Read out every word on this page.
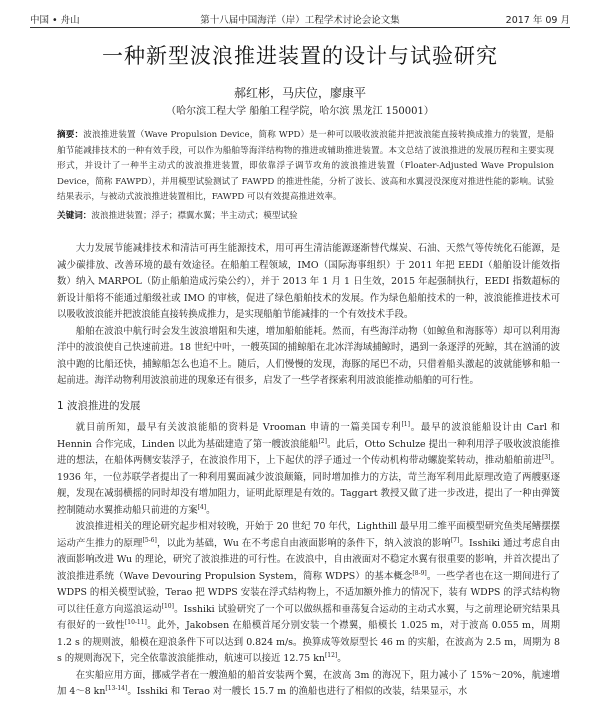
中国 • 舟山	第十八届中国海洋（岸）工程学术讨论会论文集	2017 年 09 月
一种新型波浪推进装置的设计与试验研究
郝红彬，马庆位，廖康平
（哈尔滨工程大学 船舶工程学院，哈尔滨 黑龙江 150001）
摘要：波浪推进装置（Wave Propulsion Device，简称 WPD）是一种可以吸收波浪能并把波浪能直接转换成推力的装置，是船舶节能减排技术的一种有效手段，可以作为船舶等海洋结构物的推进或辅助推进装置。本文总结了波浪推进的发展历程和主要实现形式，并设计了一种半主动式的波浪推进装置，即依靠浮子调节攻角的波浪推进装置（Floater-Adjusted Wave Propulsion Device，简称 FAWPD），并用模型试验测试了 FAWPD 的推进性能，分析了波长、波高和水翼浸没深度对推进性能的影响。试验结果表示，与被动式波浪推进装置相比，FAWPD 可以有效提高推进效率。
关键词：波浪推进装置；浮子；襟翼水翼；半主动式；模型试验

大力发展节能减排技术和清洁可再生能源技术，用可再生清洁能源逐渐替代煤炭、石油、天然气等传统化石能源，是减少碳排放、改善环境的最有效途径。在船舶工程领域，IMO（国际海事组织）于 2011 年把 EEDI（船舶设计能效指数）纳入 MARPOL（防止船舶造成污染公约），并于 2013 年 1 月 1 日生效，2015 年起强制执行，EEDI 指数超标的新设计船将不能通过船级社或 IMO 的审核，促进了绿色船舶技术的发展。作为绿色船舶技术的一种，波浪能推进技术可以吸收波浪能并把波浪能直接转换成推力，是实现船舶节能减排的一个有效技术手段。

船舶在波浪中航行时会发生波浪增阻和失速，增加船舶能耗。然而，有些海洋动物（如鲸鱼和海豚等）却可以利用海洋中的波浪使自己快速前进。18 世纪中叶，一艘英国的捕鲸船在北冰洋海域捕鲸时，遇到一条逐浮的死鲸，其在汹涌的波浪中跑的比船还快，捕鲸船怎么也追不上。随后，人们慢慢的发现，海豚的尾巴不动，只借着船头激起的波就能够和船一起前进。海洋动物利用波浪前进的现象还有很多，启发了一些学者探索利用波浪能推动船舶的可行性。

1 波浪推进的发展

就目前所知，最早有关波浪能船的资料是 Vrooman 申请的一篇美国专利[1]。最早的波浪能船设计由 Carl 和 Hennin 合作完成，Linden 以此为基础建造了第一艘波浪能船[2]。此后，Otto Schulze 提出一种利用浮子吸收波浪能推进的想法，在船体两侧安装浮子，在波浪作用下，上下起伏的浮子通过一个传动机构带动螺旋桨转动，推动船舶前进[3]。1936 年，一位苏联学者提出了一种利用翼面减少波浪颠簸，同时增加推力的方法，苛兰海军利用此原理改造了两艘驱逐舰，发现在减弱横摇的同时却没有增加阻力，证明此原理是有效的。Taggart 教授又做了进一步改进，提出了一种由弹簧控制随动水翼推动船只前进的方案[4]。

波浪推进相关的理论研究起步相对较晚，开始于 20 世纪 70 年代，Lighthill 最早用二维平面模型研究鱼类尾鳍摆摆运动产生推力的原理[5-6]，以此为基础，Wu 在不考虑自由液面影响的条件下，纳入波浪的影响[7]。Isshiki 通过考虑自由液面影响改进 Wu 的理论，研究了波浪推进的可行性。在波浪中，自由液面对不稳定水翼有很重要的影响，并首次提出了波浪推进系统（Wave Devouring Propulsion System，简称 WDPS）的基本概念[8-9]。一些学者也在这一期间进行了 WDPS 的相关模型试验，Terao 把 WDPS 安装在浮式结构物上，不适加额外推力的情况下，装有 WDPS 的浮式结构物可以往任意方向巡浪运动[10]。Isshiki 试验研究了一个可以做纵摇和垂荡复合运动的主动式水翼，与之前理论研究结果具有很好的一致性[10-11]。此外，Jakobsen 在船模首尾分别安装一个襟翼，船模长 1.025 m，对于波高 0.055 m，周期 1.2 s 的规则波，船模在迎浪条件下可以达到 0.824 m/s。换算成等效原型长 46 m 的实船，在波高为 2.5 m，周期为 8 s 的规则海况下，完全依靠波浪能推动，航速可以接近 12.75 kn[12]。

在实船应用方面，挪威学者在一艘渔船的船首安装两个翼，在波高 3m 的海况下，阻力减小了 15%～20%，航速增加 4～8 kn[13-14]。Isshiki 和 Terao 对一艘长 15.7 m 的渔船也进行了相似的改装，结果显示，水
